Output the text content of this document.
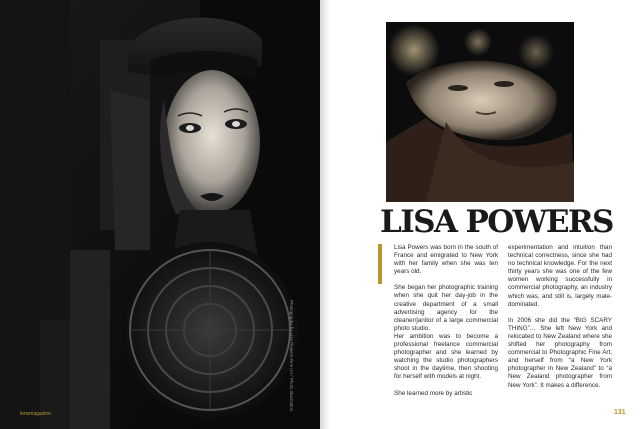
Photography by Lisa Powers Fine Art / Photo Illustration
lensmagazine
LISA POWERS

Lisa Powers was born in the south of France and emigrated to New York with her family when she was ten years old.

She began her photographic training when she quit her day-job in the creative department of a small advertising agency for the cleaner/janitor of a large commercial photo studio.

Her ambition was to become a professional freelance commercial photographer and she learned by watching the studio photographers shoot in the daytime, then shooting for herself with models at night.

She learned more by artistic

experimentation and intuition than technical correctness, since she had no technical knowledge. For the next thirty years she was one of the few women working successfully in commercial photography, an industry which was, and still is, largely male-dominated.

In 2006 she did the “BIG SCARY THING”… She left New York and relocated to New Zealand where she shifted her photography from commercial to Photographic Fine Art, and herself from “a New York photographer in New Zealand” to “a New Zealand photographer from New York”. It makes a difference.

131
